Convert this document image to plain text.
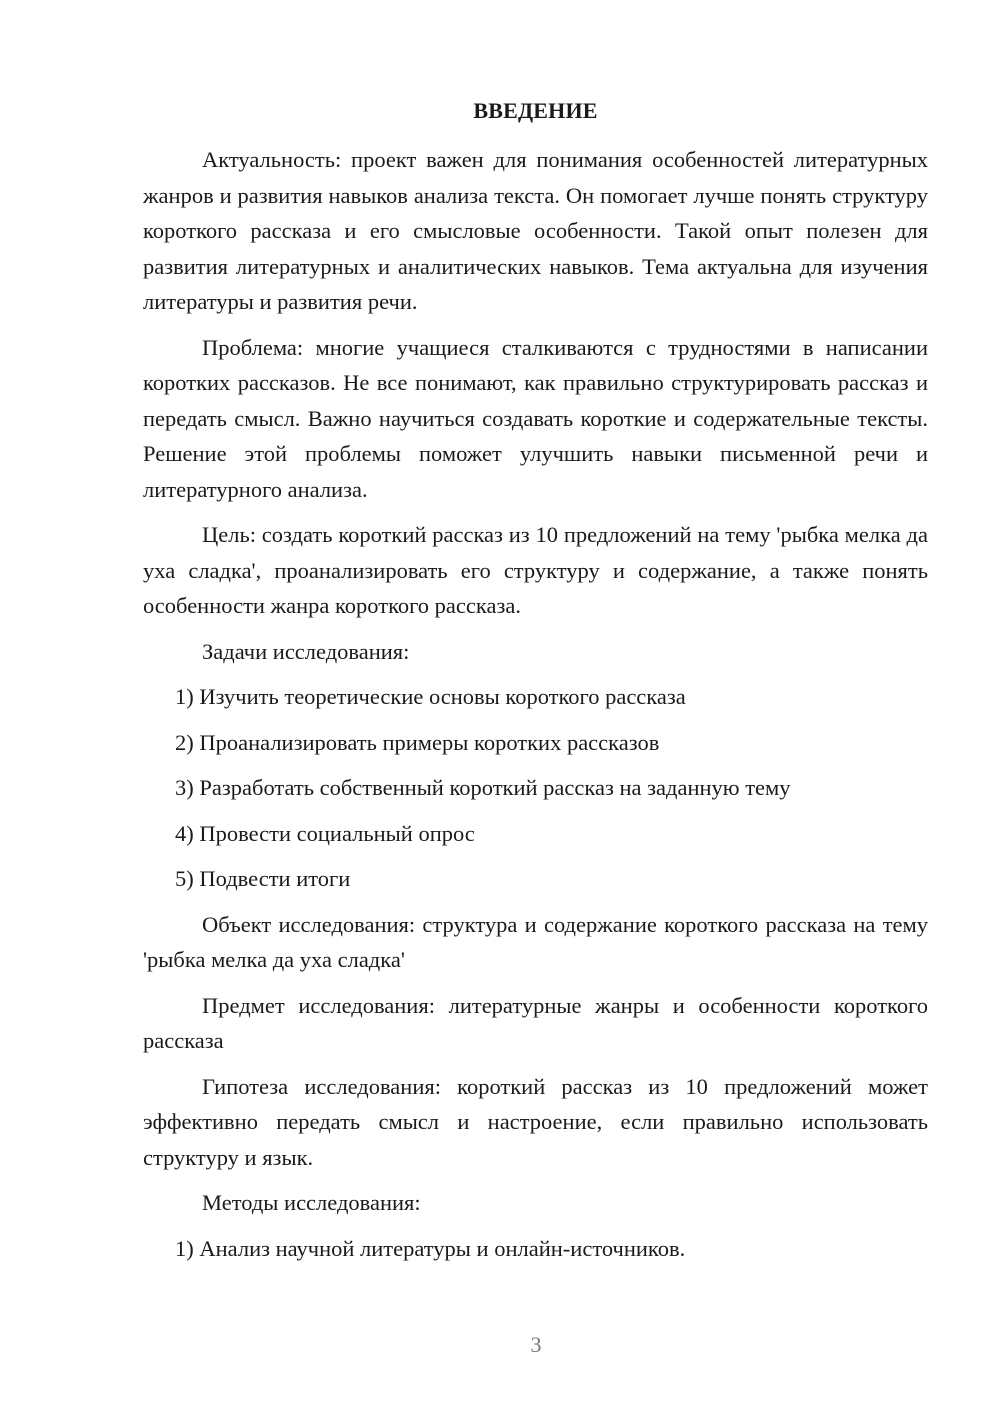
ВВЕДЕНИЕ

Актуальность: проект важен для понимания особенностей литературных жанров и развития навыков анализа текста. Он помогает лучше понять структуру короткого рассказа и его смысловые особенности. Такой опыт полезен для развития литературных и аналитических навыков. Тема актуальна для изучения литературы и развития речи.

Проблема: многие учащиеся сталкиваются с трудностями в написании коротких рассказов. Не все понимают, как правильно структурировать рассказ и передать смысл. Важно научиться создавать короткие и содержательные тексты. Решение этой проблемы поможет улучшить навыки письменной речи и литературного анализа.

Цель: создать короткий рассказ из 10 предложений на тему 'рыбка мелка да уха сладка', проанализировать его структуру и содержание, а также понять особенности жанра короткого рассказа.

Задачи исследования:

1) Изучить теоретические основы короткого рассказа

2) Проанализировать примеры коротких рассказов

3) Разработать собственный короткий рассказ на заданную тему

4) Провести социальный опрос

5) Подвести итоги

Объект исследования: структура и содержание короткого рассказа на тему 'рыбка мелка да уха сладка'

Предмет исследования: литературные жанры и особенности короткого рассказа

Гипотеза исследования: короткий рассказ из 10 предложений может эффективно передать смысл и настроение, если правильно использовать структуру и язык.

Методы исследования:

1) Анализ научной литературы и онлайн-источников.

3
